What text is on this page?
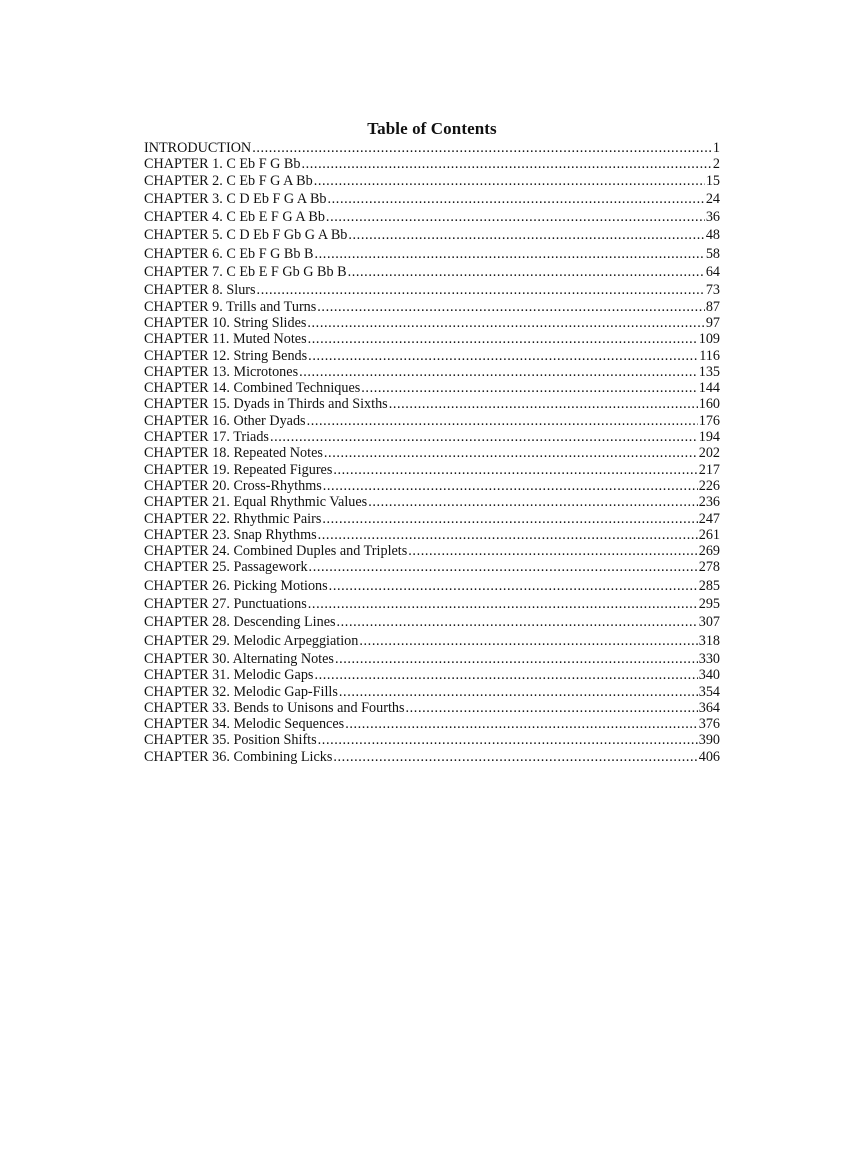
Table of Contents
INTRODUCTION .....	1
CHAPTER 1. C Eb F G Bb .....	2
CHAPTER 2. C Eb F G A Bb .....	15
CHAPTER 3. C D Eb F G A Bb .....	24
CHAPTER 4. C Eb E F G A Bb .....	36
CHAPTER 5. C D Eb F Gb G A Bb .....	48
CHAPTER 6. C Eb F G Bb B .....	58
CHAPTER 7. C Eb E F Gb G Bb B .....	64
CHAPTER 8. Slurs .....	73
CHAPTER 9. Trills and Turns .....	87
CHAPTER 10. String Slides .....	97
CHAPTER 11. Muted Notes .....	109
CHAPTER 12. String Bends .....	116
CHAPTER 13. Microtones .....	135
CHAPTER 14. Combined Techniques .....	144
CHAPTER 15. Dyads in Thirds and Sixths .....	160
CHAPTER 16. Other Dyads .....	176
CHAPTER 17. Triads .....	194
CHAPTER 18. Repeated Notes .....	202
CHAPTER 19. Repeated Figures .....	217
CHAPTER 20. Cross-Rhythms .....	226
CHAPTER 21. Equal Rhythmic Values .....	236
CHAPTER 22. Rhythmic Pairs .....	247
CHAPTER 23. Snap Rhythms .....	261
CHAPTER 24. Combined Duples and Triplets .....	269
CHAPTER 25. Passagework .....	278
CHAPTER 26. Picking Motions .....	285
CHAPTER 27. Punctuations .....	295
CHAPTER 28. Descending Lines .....	307
CHAPTER 29. Melodic Arpeggiation .....	318
CHAPTER 30. Alternating Notes .....	330
CHAPTER 31. Melodic Gaps .....	340
CHAPTER 32. Melodic Gap-Fills .....	354
CHAPTER 33. Bends to Unisons and Fourths .....	364
CHAPTER 34. Melodic Sequences .....	376
CHAPTER 35. Position Shifts .....	390
CHAPTER 36. Combining Licks .....	406
